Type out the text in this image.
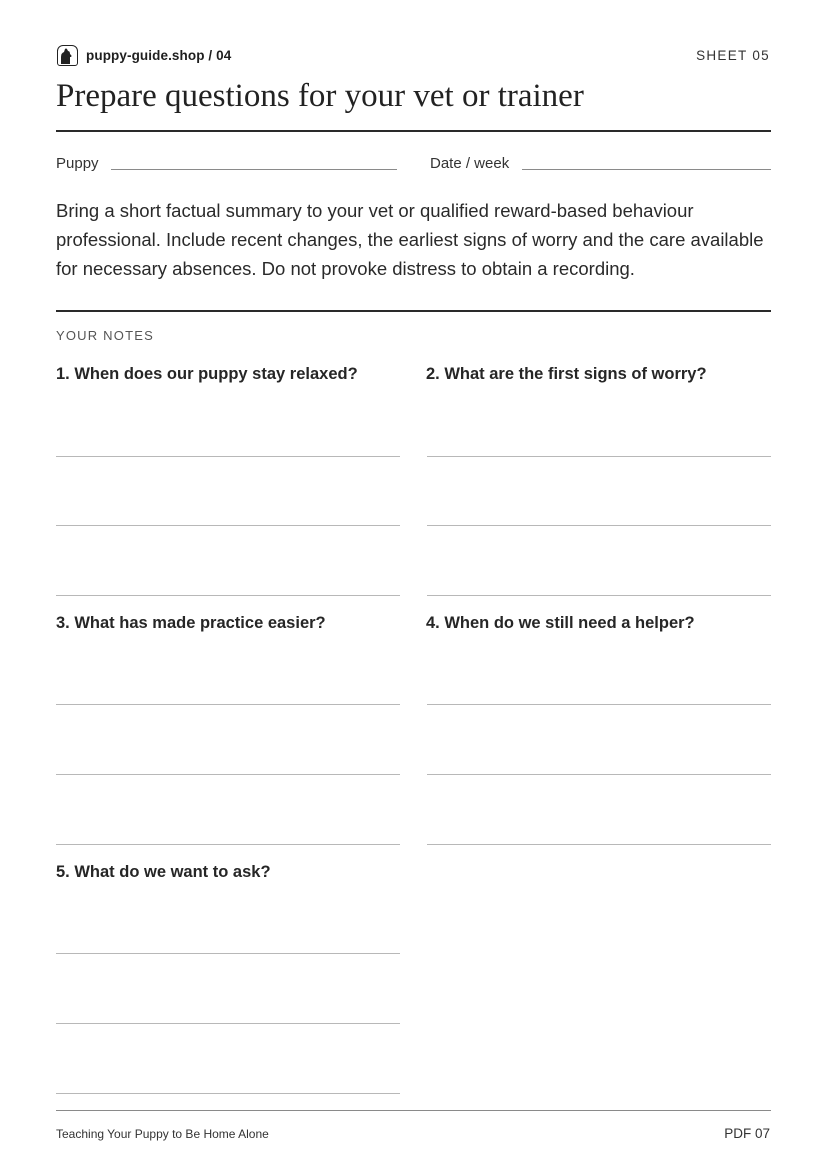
puppy-guide.shop / 04	SHEET 05
Prepare questions for your vet or trainer
Puppy	Date / week

Bring a short factual summary to your vet or qualified reward-based behaviour professional. Include recent changes, the earliest signs of worry and the care available for necessary absences. Do not provoke distress to obtain a recording.

YOUR NOTES
1. When does our puppy stay relaxed?	2. What are the first signs of worry?
3. What has made practice easier?	4. When do we still need a helper?
5. What do we want to ask?
Teaching Your Puppy to Be Home Alone	PDF 07
